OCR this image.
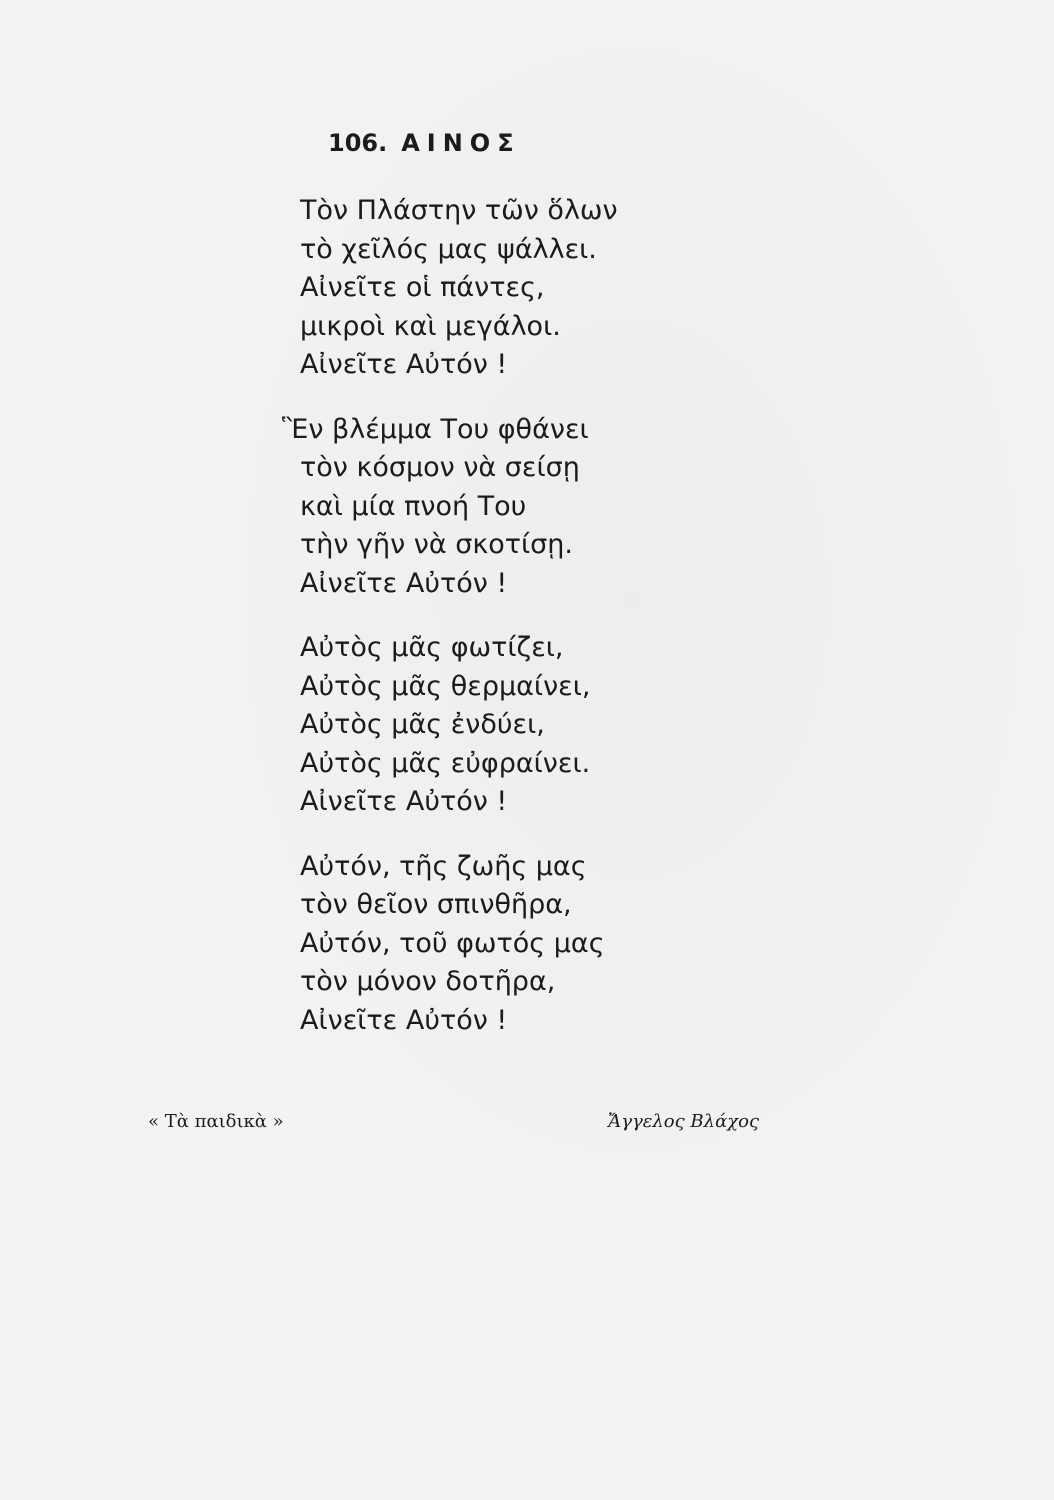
106. ΑΙΝΟΣ
Τὸν Πλάστην τῶν ὅλων
τὸ χεῖλός μας ψάλλει.
Αἰνεῖτε οἱ πάντες,
μικροὶ καὶ μεγάλοι.
Αἰνεῖτε Αὐτόν !
Ἓν βλέμμα Του φθάνει
τὸν κόσμον νὰ σείσῃ
καὶ μία πνοή Του
τὴν γῆν νὰ σκοτίσῃ.
Αἰνεῖτε Αὐτόν !
Αὐτὸς μᾶς φωτίζει,
Αὐτὸς μᾶς θερμαίνει,
Αὐτὸς μᾶς ἐνδύει,
Αὐτὸς μᾶς εὐφραίνει.
Αἰνεῖτε Αὐτόν !
Αὐτόν, τῆς ζωῆς μας
τὸν θεῖον σπινθῆρα,
Αὐτόν, τοῦ φωτός μας
τὸν μόνον δοτῆρα,
Αἰνεῖτε Αὐτόν !
« Τὰ παιδικὰ »	Ἄγγελος Βλάχος
